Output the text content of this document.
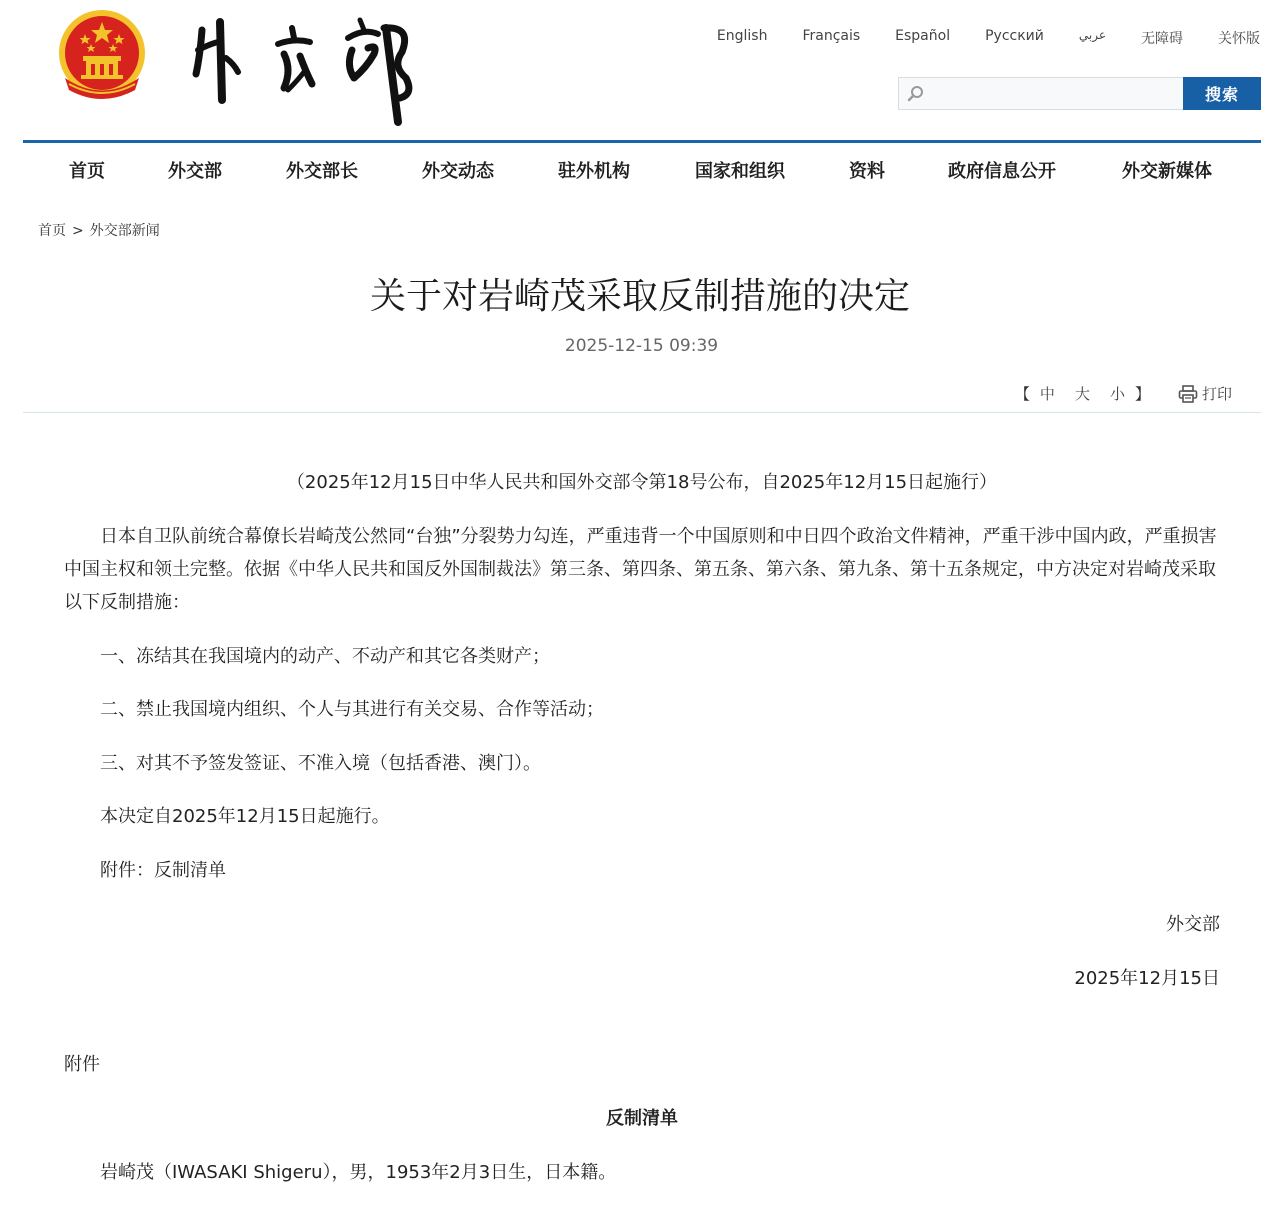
English	Français	Español	Русский	عربي	无障碍	关怀版
搜索
首页	外交部	外交部长	外交动态	驻外机构	国家和组织	资料	政府信息公开	外交新媒体
首页 > 外交部新闻
关于对岩崎茂采取反制措施的决定
2025-12-15 09:39
【 中 大 小 】	打印

（2025年12月15日中华人民共和国外交部令第18号公布，自2025年12月15日起施行）

日本自卫队前统合幕僚长岩崎茂公然同“台独”分裂势力勾连，严重违背一个中国原则和中日四个政治文件精神，严重干涉中国内政，严重损害中国主权和领土完整。依据《中华人民共和国反外国制裁法》第三条、第四条、第五条、第六条、第九条、第十五条规定，中方决定对岩崎茂采取以下反制措施：

一、冻结其在我国境内的动产、不动产和其它各类财产；

二、禁止我国境内组织、个人与其进行有关交易、合作等活动；

三、对其不予签发签证、不准入境（包括香港、澳门）。

本决定自2025年12月15日起施行。

附件：反制清单

外交部

2025年12月15日

附件

反制清单

岩崎茂（IWASAKI Shigeru），男，1953年2月3日生，日本籍。
